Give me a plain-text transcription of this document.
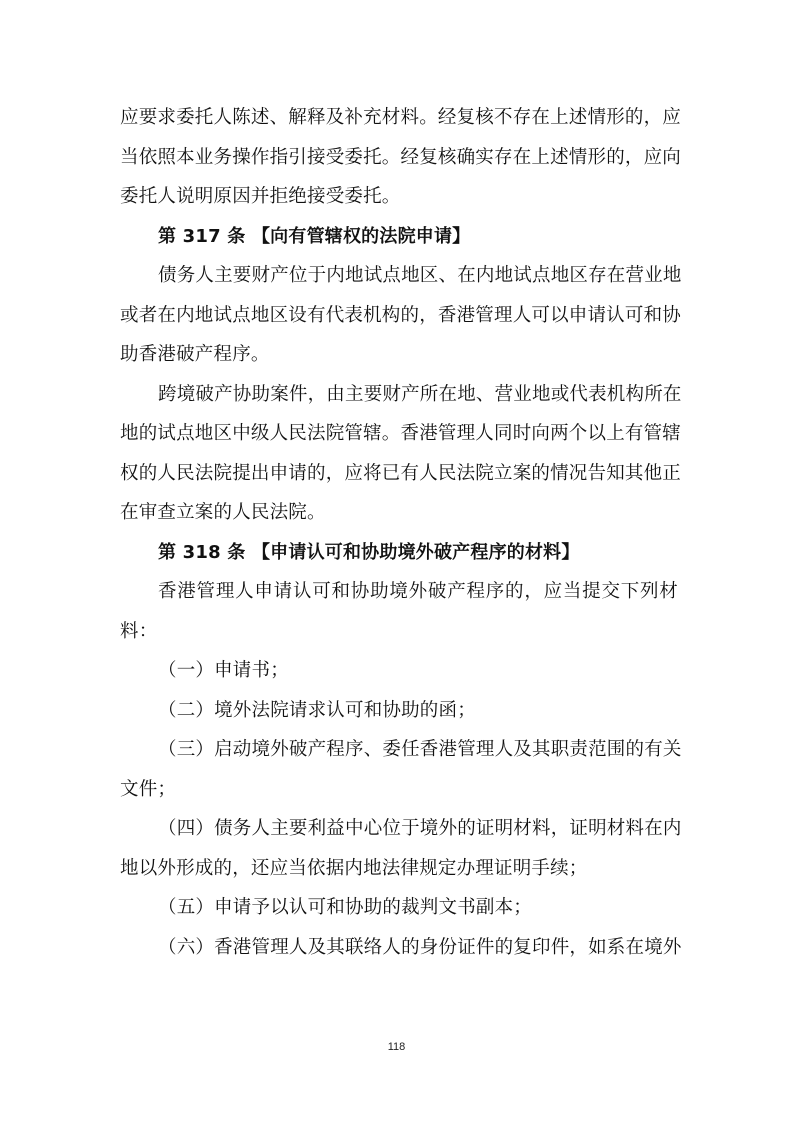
应要求委托人陈述、解释及补充材料。经复核不存在上述情形的，应
当依照本业务操作指引接受委托。经复核确实存在上述情形的，应向
委托人说明原因并拒绝接受委托。
第 317 条 【向有管辖权的法院申请】
债务人主要财产位于内地试点地区、在内地试点地区存在营业地
或者在内地试点地区设有代表机构的，香港管理人可以申请认可和协
助香港破产程序。
跨境破产协助案件，由主要财产所在地、营业地或代表机构所在
地的试点地区中级人民法院管辖。香港管理人同时向两个以上有管辖
权的人民法院提出申请的，应将已有人民法院立案的情况告知其他正
在审查立案的人民法院。
第 318 条 【申请认可和协助境外破产程序的材料】
香港管理人申请认可和协助境外破产程序的，应当提交下列材
料：
（一）申请书；
（二）境外法院请求认可和协助的函；
（三）启动境外破产程序、委任香港管理人及其职责范围的有关
文件；
（四）债务人主要利益中心位于境外的证明材料，证明材料在内
地以外形成的，还应当依据内地法律规定办理证明手续；
（五）申请予以认可和协助的裁判文书副本；
（六）香港管理人及其联络人的身份证件的复印件，如系在境外
118
